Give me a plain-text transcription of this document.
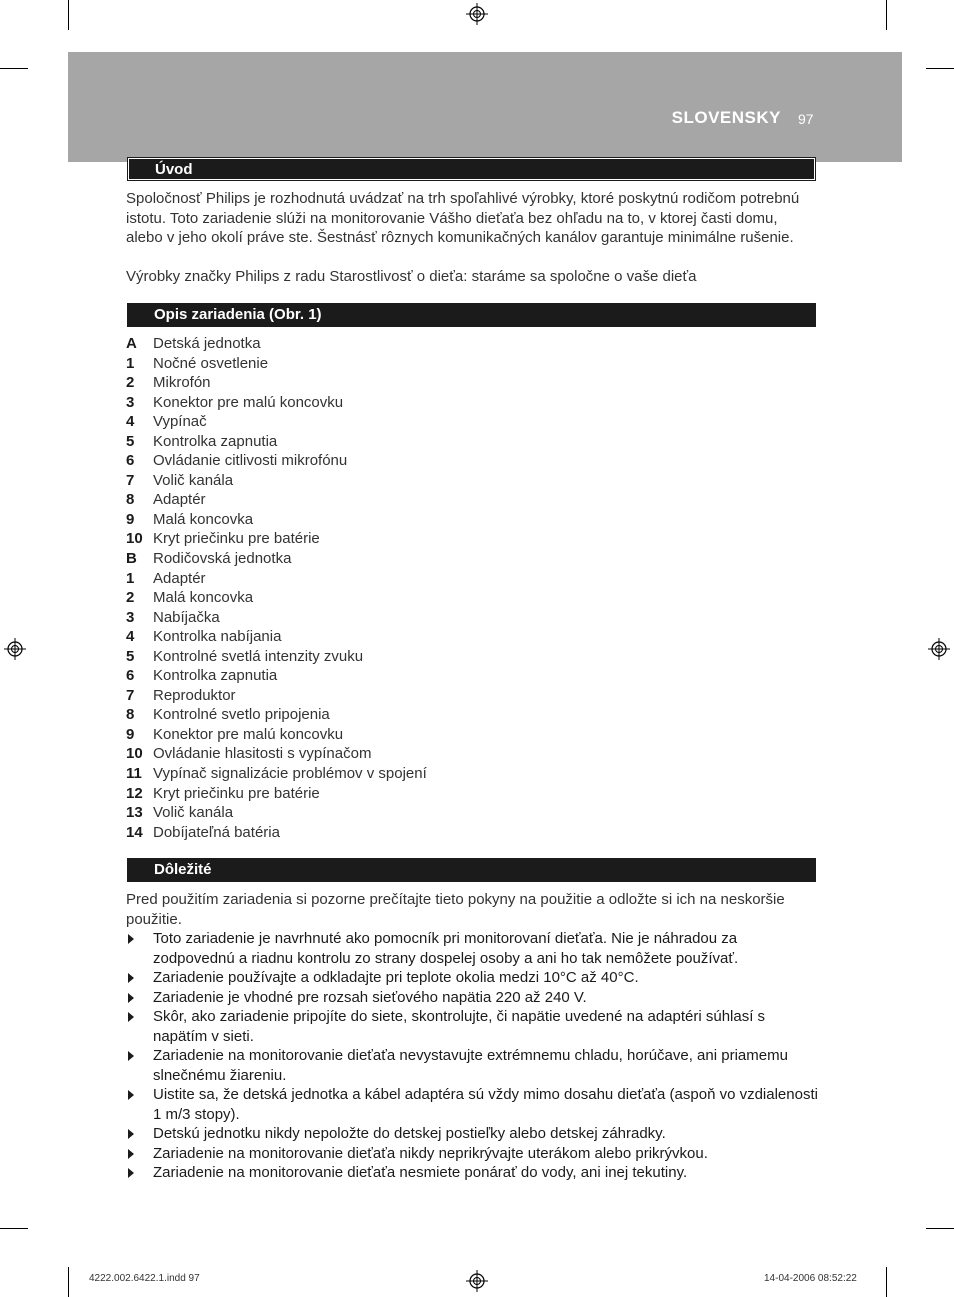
SLOVENSKY 97
Úvod

Spoločnosť Philips je rozhodnutá uvádzať na trh spoľahlivé výrobky, ktoré poskytnú rodičom potrebnú istotu. Toto zariadenie slúži na monitorovanie Vášho dieťaťa bez ohľadu na to, v ktorej časti domu, alebo v jeho okolí práve ste. Šestnásť rôznych komunikačných kanálov garantuje minimálne rušenie.

Výrobky značky Philips z radu Starostlivosť o dieťa: staráme sa spoločne o vaše dieťa

Opis zariadenia (Obr. 1)
A Detská jednotka
1 Nočné osvetlenie
2 Mikrofón
3 Konektor pre malú koncovku
4 Vypínač
5 Kontrolka zapnutia
6 Ovládanie citlivosti mikrofónu
7 Volič kanála
8 Adaptér
9 Malá koncovka
10 Kryt priečinku pre batérie
B Rodičovská jednotka
1 Adaptér
2 Malá koncovka
3 Nabíjačka
4 Kontrolka nabíjania
5 Kontrolné svetlá intenzity zvuku
6 Kontrolka zapnutia
7 Reproduktor
8 Kontrolné svetlo pripojenia
9 Konektor pre malú koncovku
10 Ovládanie hlasitosti s vypínačom
11 Vypínač signalizácie problémov v spojení
12 Kryt priečinku pre batérie
13 Volič kanála
14 Dobíjateľná batéria
Dôležité

Pred použitím zariadenia si pozorne prečítajte tieto pokyny na použitie a odložte si ich na neskoršie použitie.

Toto zariadenie je navrhnuté ako pomocník pri monitorovaní dieťaťa. Nie je náhradou za zodpovednú a riadnu kontrolu zo strany dospelej osoby a ani ho tak nemôžete používať.
Zariadenie používajte a odkladajte pri teplote okolia medzi 10°C až 40°C.
Zariadenie je vhodné pre rozsah sieťového napätia 220 až 240 V.
Skôr, ako zariadenie pripojíte do siete, skontrolujte, či napätie uvedené na adaptéri súhlasí s napätím v sieti.
Zariadenie na monitorovanie dieťaťa nevystavujte extrémnemu chladu, horúčave, ani priamemu slnečnému žiareniu.
Uistite sa, že detská jednotka a kábel adaptéra sú vždy mimo dosahu dieťaťa (aspoň vo vzdialenosti 1 m/3 stopy).
Detskú jednotku nikdy nepoložte do detskej postieľky alebo detskej záhradky.
Zariadenie na monitorovanie dieťaťa nikdy neprikrývajte uterákom alebo prikrývkou.
Zariadenie na monitorovanie dieťaťa nesmiete ponárať do vody, ani inej tekutiny.
4222.002.6422.1.indd 97	14-04-2006 08:52:22
